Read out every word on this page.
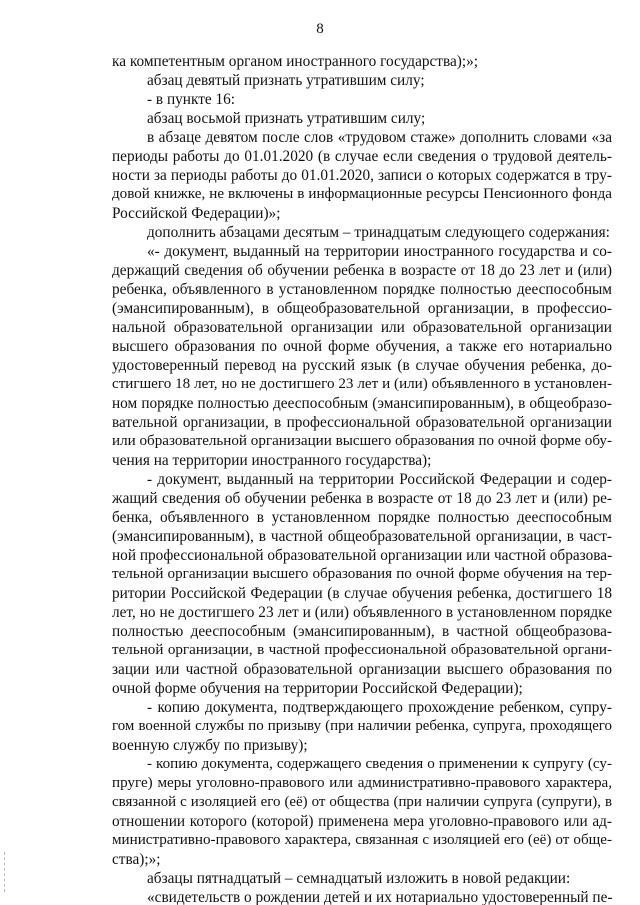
8
ка компетентным органом иностранного государства);»;
абзац девятый признать утратившим силу;
- в пункте 16:
абзац восьмой признать утратившим силу;
в абзаце девятом после слов «трудовом стаже» дополнить словами «за
периоды работы до 01.01.2020 (в случае если сведения о трудовой деятель-
ности за периоды работы до 01.01.2020, записи о которых содержатся в тру-
довой книжке, не включены в информационные ресурсы Пенсионного фонда
Российской Федерации)»;
дополнить абзацами десятым – тринадцатым следующего содержания:
«- документ, выданный на территории иностранного государства и со-
держащий сведения об обучении ребенка в возрасте от 18 до 23 лет и (или)
ребенка, объявленного в установленном порядке полностью дееспособным
(эмансипированным), в общеобразовательной организации, в профессио-
нальной образовательной организации или образовательной организации
высшего образования по очной форме обучения, а также его нотариально
удостоверенный перевод на русский язык (в случае обучения ребенка, до-
стигшего 18 лет, но не достигшего 23 лет и (или) объявленного в установлен-
ном порядке полностью дееспособным (эмансипированным), в общеобразо-
вательной организации, в профессиональной образовательной организации
или образовательной организации высшего образования по очной форме обу-
чения на территории иностранного государства);
- документ, выданный на территории Российской Федерации и содер-
жащий сведения об обучении ребенка в возрасте от 18 до 23 лет и (или) ре-
бенка, объявленного в установленном порядке полностью дееспособным
(эмансипированным), в частной общеобразовательной организации, в част-
ной профессиональной образовательной организации или частной образова-
тельной организации высшего образования по очной форме обучения на тер-
ритории Российской Федерации (в случае обучения ребенка, достигшего 18
лет, но не достигшего 23 лет и (или) объявленного в установленном порядке
полностью дееспособным (эмансипированным), в частной общеобразова-
тельной организации, в частной профессиональной образовательной органи-
зации или частной образовательной организации высшего образования по
очной форме обучения на территории Российской Федерации);
- копию документа, подтверждающего прохождение ребенком, супру-
гом военной службы по призыву (при наличии ребенка, супруга, проходящего
военную службу по призыву);
- копию документа, содержащего сведения о применении к супругу (су-
пруге) меры уголовно-правового или административно-правового характера,
связанной с изоляцией его (её) от общества (при наличии супруга (супруги), в
отношении которого (которой) применена мера уголовно-правового или ад-
министративно-правового характера, связанная с изоляцией его (её) от обще-
ства);»;
абзацы пятнадцатый – семнадцатый изложить в новой редакции:
«свидетельств о рождении детей и их нотариально удостоверенный пе-
